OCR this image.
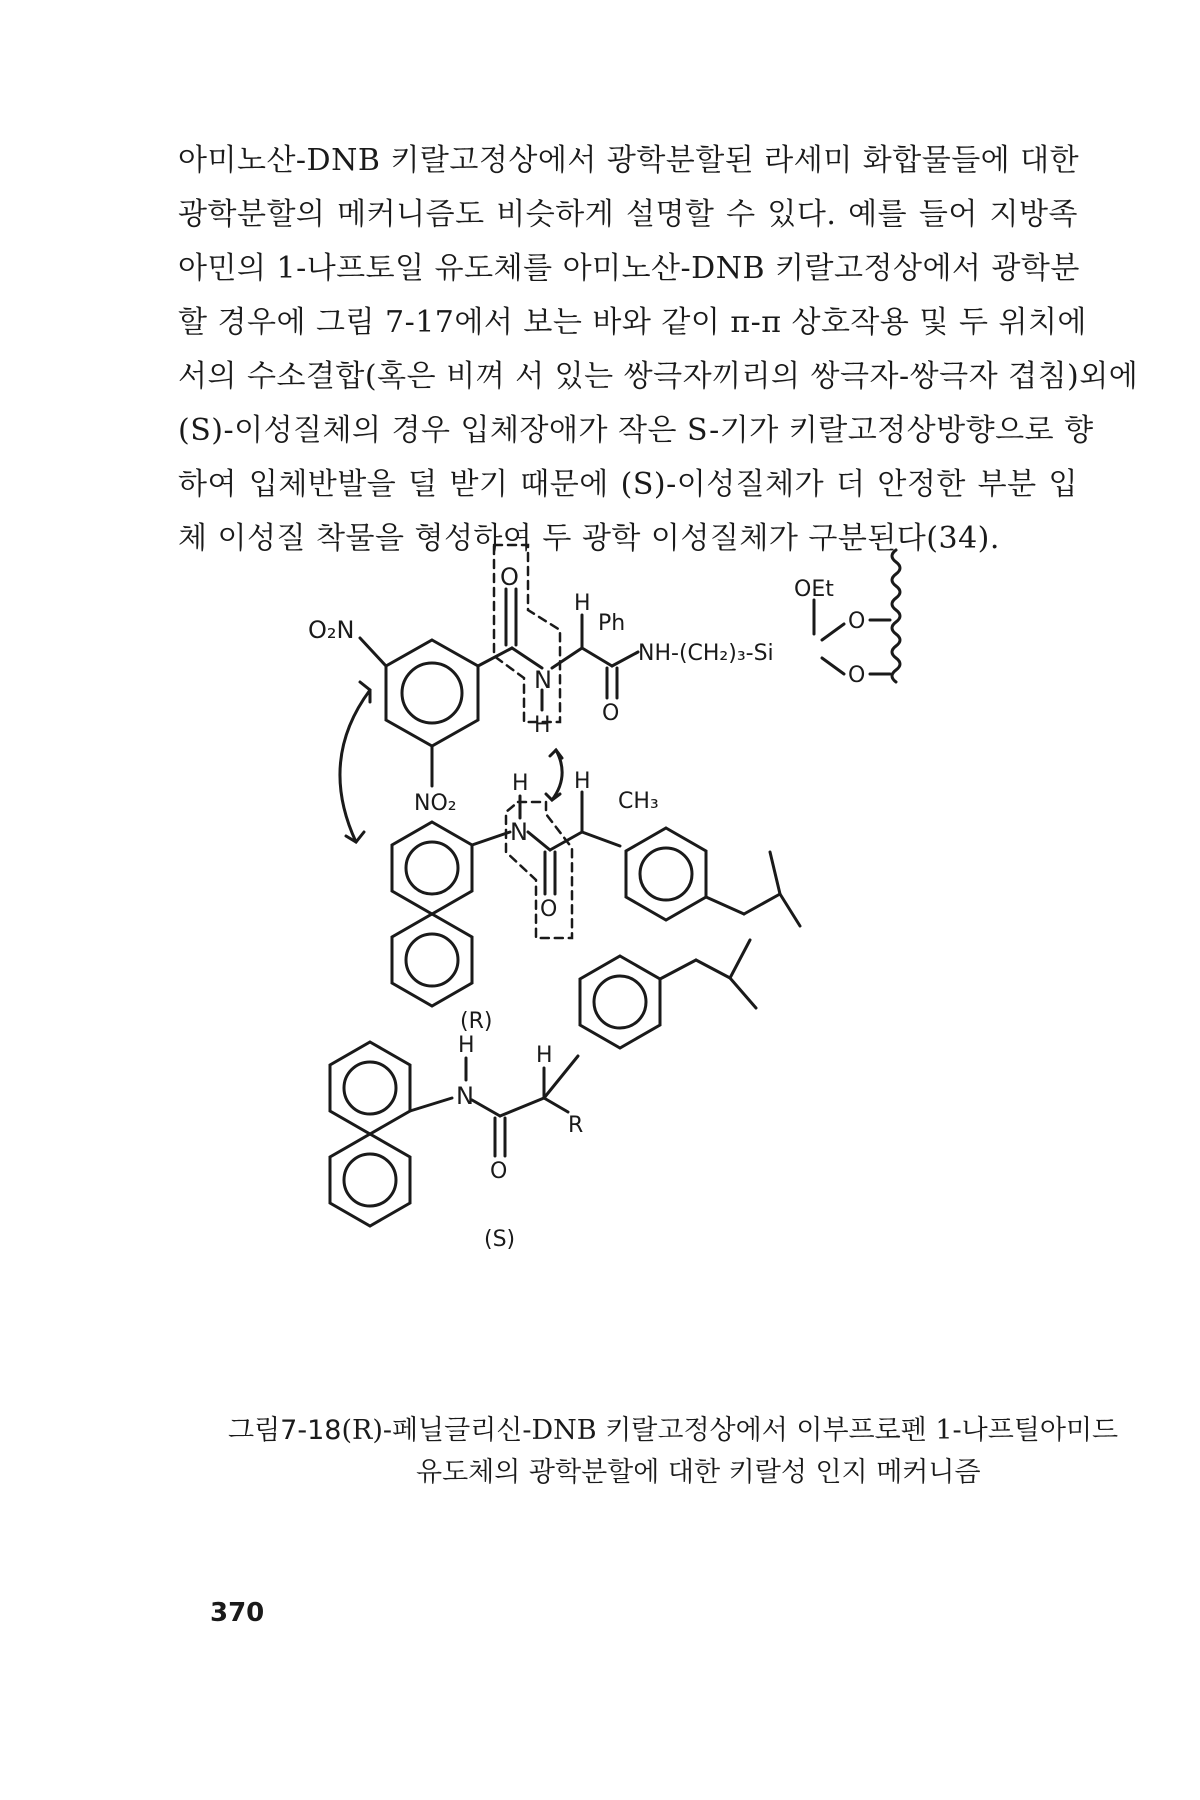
아미노산-DNB 키랄고정상에서 광학분할된 라세미 화합물들에 대한
광학분할의 메커니즘도 비슷하게 설명할 수 있다. 예를 들어 지방족
아민의 1-나프토일 유도체를 아미노산-DNB 키랄고정상에서 광학분
할 경우에 그림 7-17에서 보는 바와 같이 π-π 상호작용 및 두 위치에
서의 수소결합(혹은 비껴 서 있는 쌍극자끼리의 쌍극자-쌍극자 겹침)외에
(S)-이성질체의 경우 입체장애가 작은 S-기가 키랄고정상방향으로 향
하여 입체반발을 덜 받기 때문에 (S)-이성질체가 더 안정한 부분 입
체 이성질 착물을 형성하여 두 광학 이성질체가 구분된다(34).
O
H
Ph
OEt
O₂N
N
H
NH-(CH₂)₃-Si
O
O
O
NO₂
H
N
H
CH₃
O
(R)
H
N
H
R
O
(S)
그림 7-18 (R)-페닐글리신-DNB 키랄고정상에서 이부프로펜 1-나프틸아미드
유도체의 광학분할에 대한 키랄성 인지 메커니즘
370
